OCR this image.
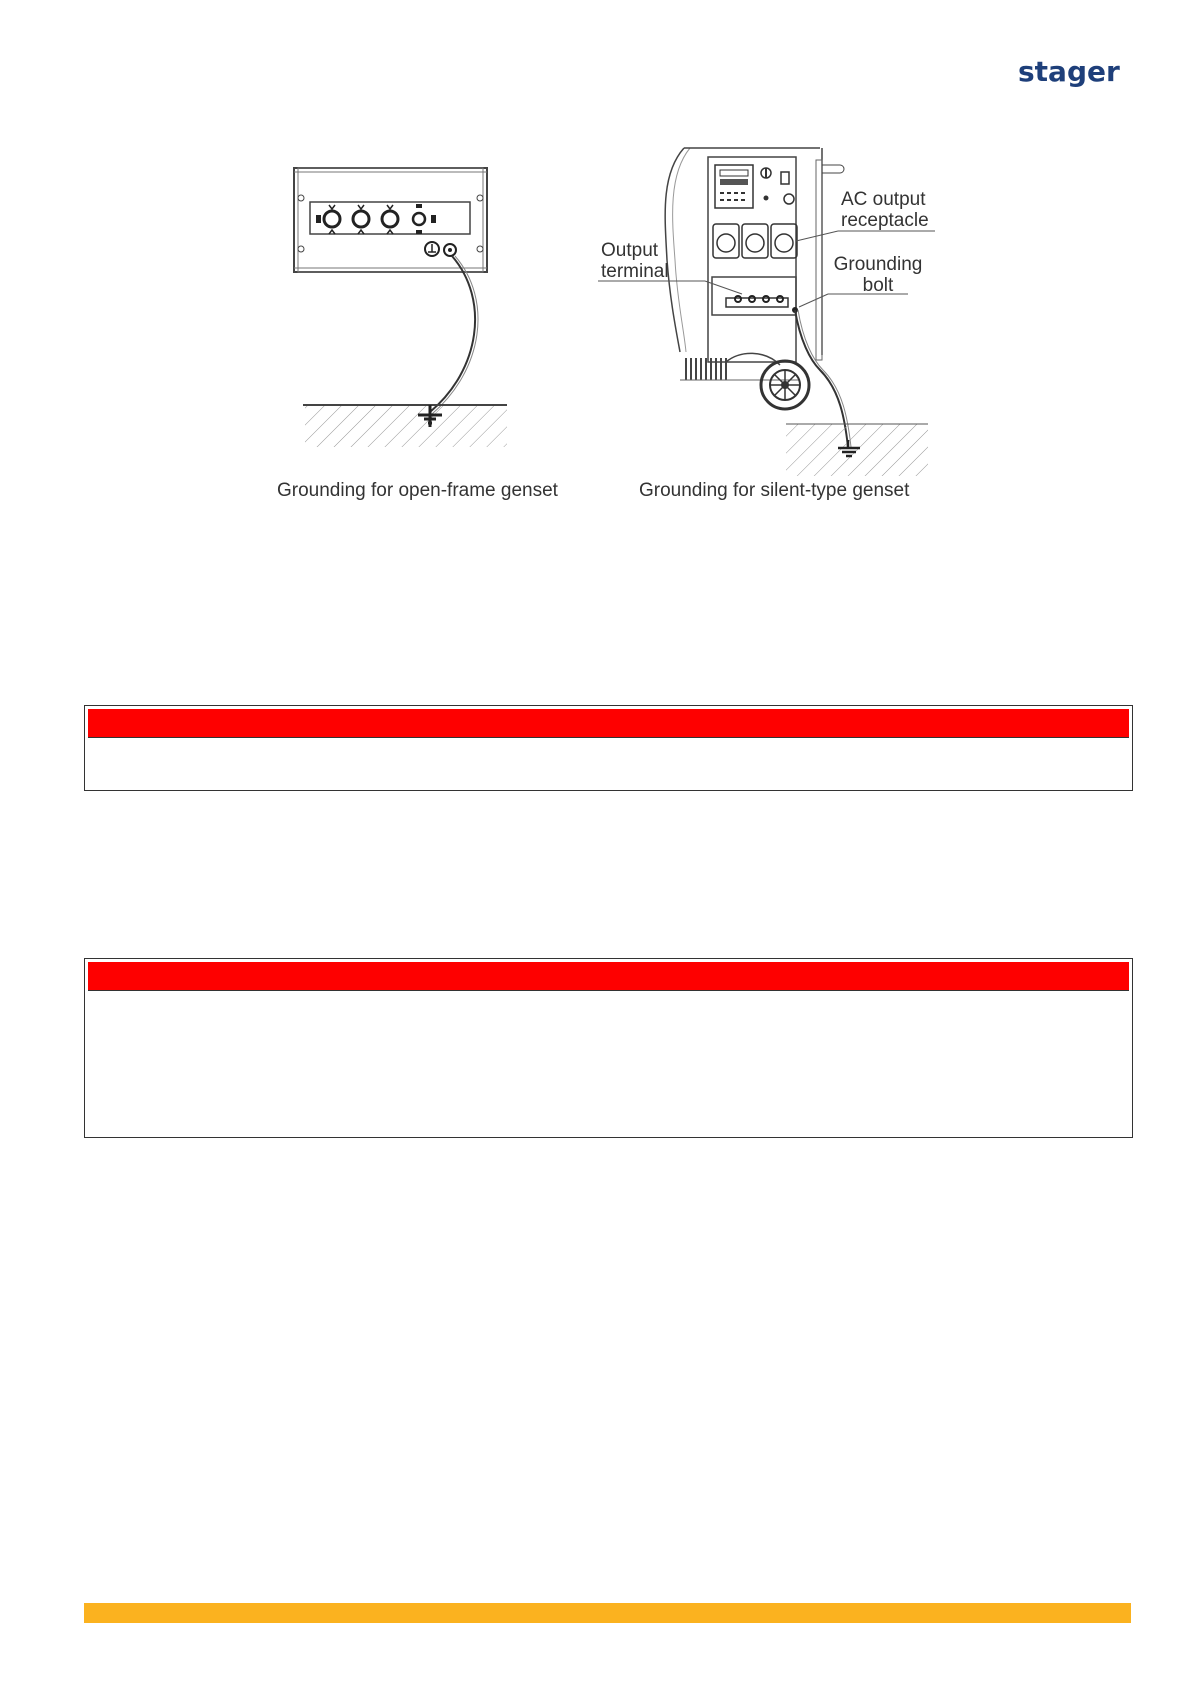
stager
AC output
receptacle
Output
terminal	Grounding
bolt
Grounding for open-frame genset	Grounding for silent-type genset
